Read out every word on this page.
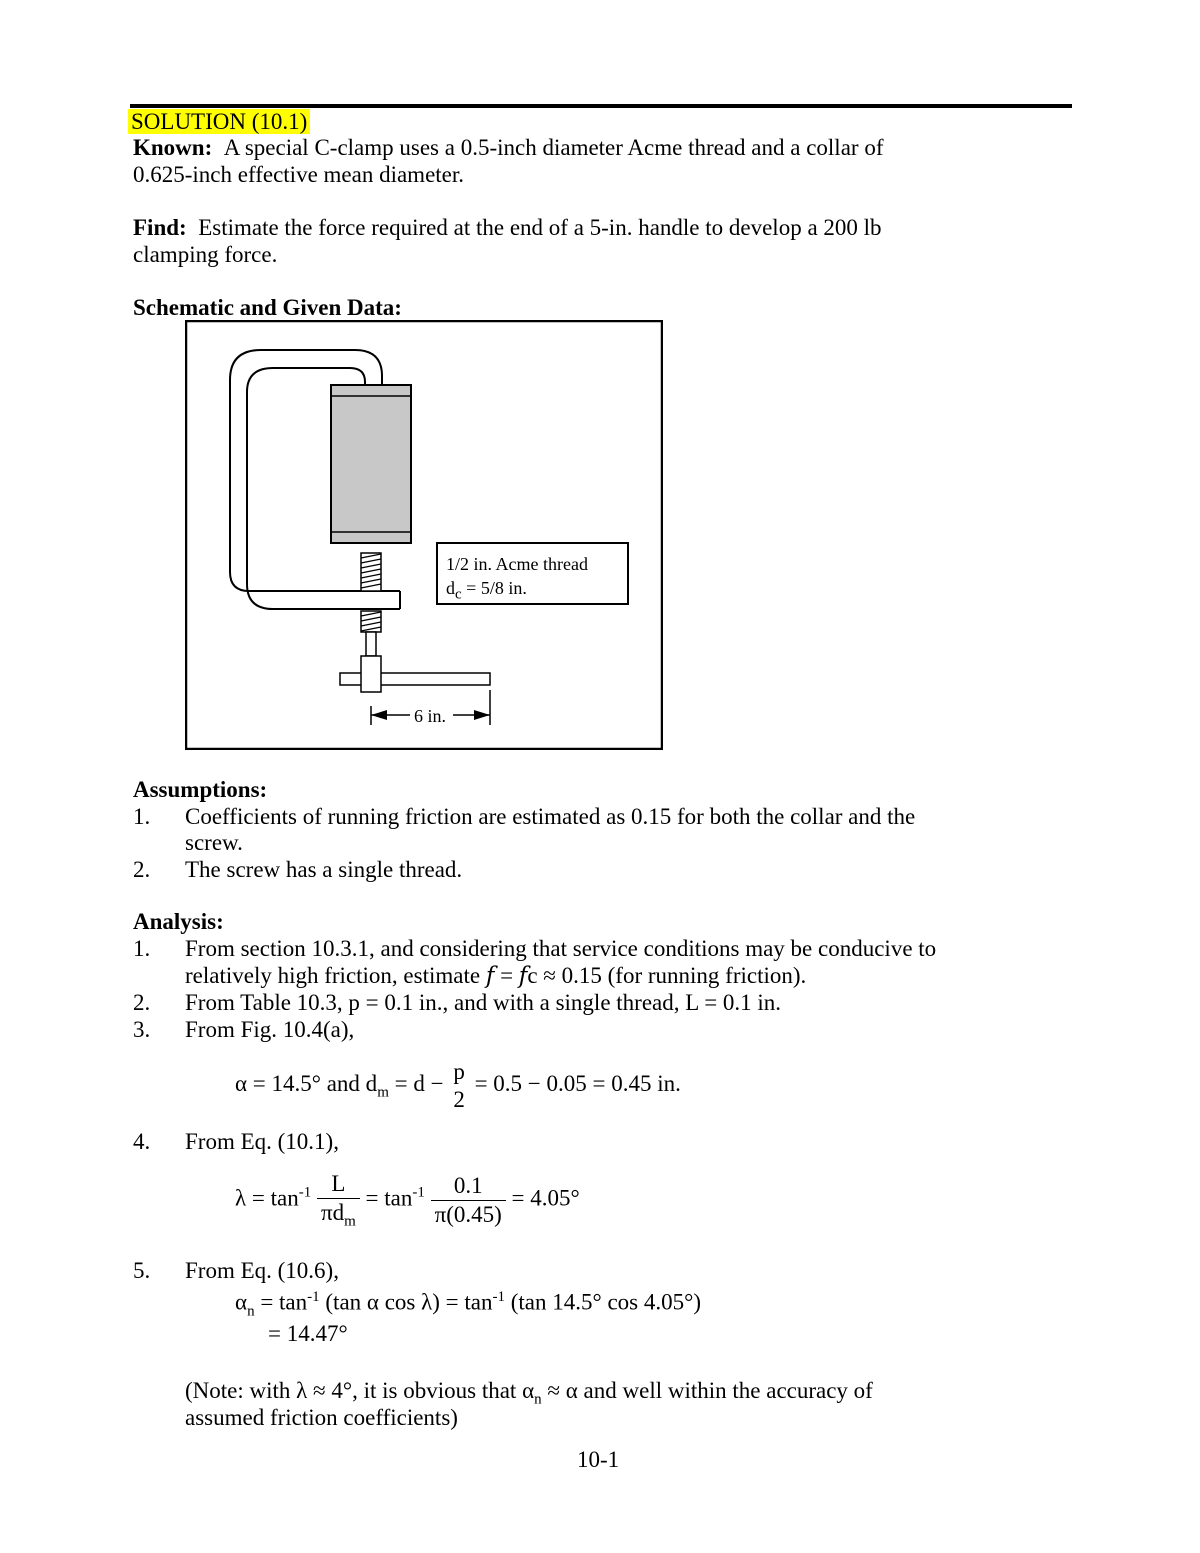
SOLUTION (10.1)
Known: A special C-clamp uses a 0.5-inch diameter Acme thread and a collar of
0.625-inch effective mean diameter.
Find: Estimate the force required at the end of a 5-in. handle to develop a 200 lb
clamping force.
Schematic and Given Data:
1/2 in. Acme thread
$d_c = 5/8$ in.
6 in.
Assumptions:
1. Coefficients of running friction are estimated as 0.15 for both the collar and the
screw.
2. The screw has a single thread.
Analysis:
1. From section 10.3.1, and considering that service conditions may be conducive to
relatively high friction, estimate 𝑓 = 𝑓c ≈ 0.15 (for running friction).
2. From Table 10.3, p = 0.1 in., and with a single thread, L = 0.1 in.
3. From Fig. 10.4(a),
α = 14.5° and $d_m = d - p$
2
= 0.5 − 0.05 = 0.45 in.
4. From Eq. (10.1),
$\lambda = \tan^{-1} \frac{L}{\pi d_m} = \tan^{-1} \frac{0.1}{\pi(0.45)} = 4.05^\circ$
5. From Eq. (10.6),
$\alpha_n = \tan^{-1} (\tan$ α $\cos \lambda) = \tan^{-1} (\tan$ 14.5° cos 4.05°)
= 14.47°
(Note: with λ ≈ 4°, it is obvious that $\alpha_n \approx \alpha$ and well within the accuracy of
assumed friction coefficients)
10-1
